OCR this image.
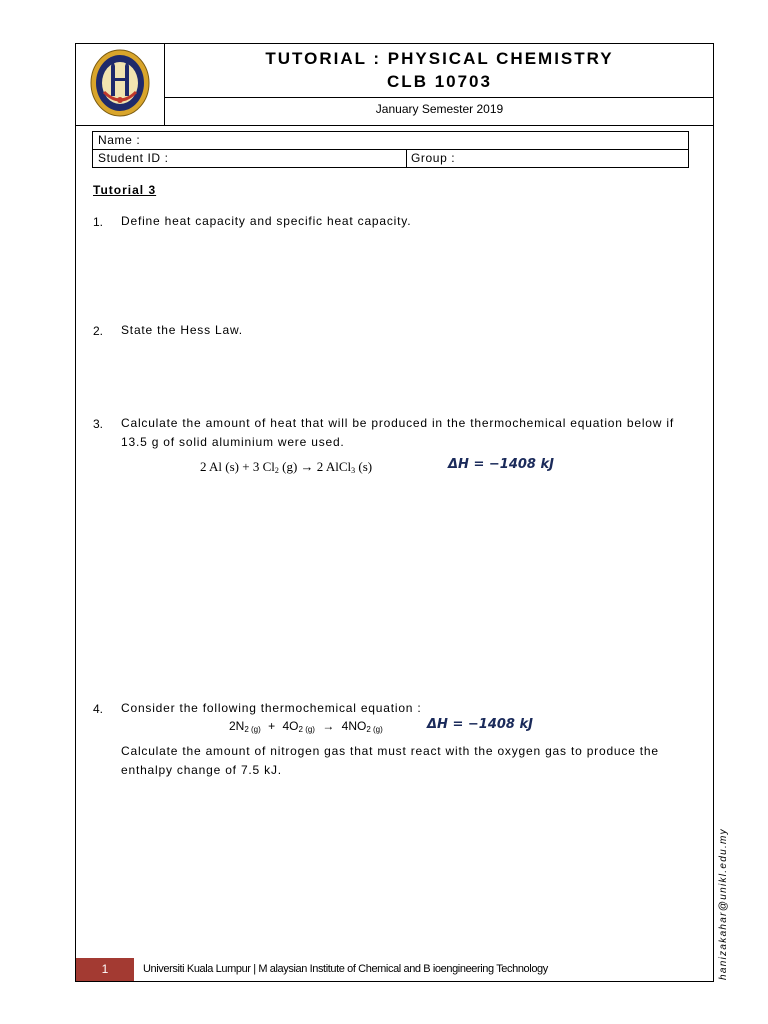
TUTORIAL : PHYSICAL CHEMISTRY
CLB 10703
January Semester 2019
Name :
Student ID :	Group :
Tutorial 3
1. Define heat capacity and specific heat capacity.
2. State the Hess Law.
3. Calculate the amount of heat that will be produced in the thermochemical equation below if
13.5 g of solid aluminium were used.
2 Al (s) + 3 $Cl_2$ (g) → 2 AlCl$_3$ (s)	ΔH = −1408 kJ
4. Consider the following thermochemical equation :
$2N_{2 (g)} + 4O_{2 (g)} \to 4NO_{2 (g)}$	ΔH = −1408 kJ
Calculate the amount of nitrogen gas that must react with the oxygen gas to produce the
enthalpy change of 7.5 kJ.
1	Universiti Kuala Lumpur | M alaysian Institute of Chemical and B ioengineering Technology	hanizakahar@unikl.edu.my
